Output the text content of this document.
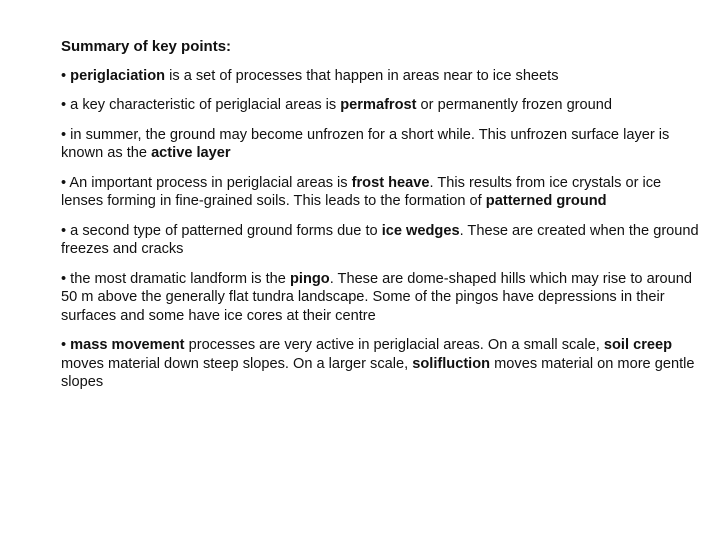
Summary of key points:
• periglaciation is a set of processes that happen in areas near to ice sheets
• a key characteristic of periglacial areas is permafrost or permanently frozen ground
• in summer, the ground may become unfrozen for a short while. This unfrozen surface layer is known as the active layer
• An important process in periglacial areas is frost heave. This results from ice crystals or ice lenses forming in fine-grained soils. This leads to the formation of patterned ground
• a second type of patterned ground forms due to ice wedges. These are created when the ground freezes and cracks
• the most dramatic landform is the pingo. These are dome-shaped hills which may rise to around 50 m above the generally flat tundra landscape. Some of the pingos have depressions in their surfaces and some have ice cores at their centre
• mass movement processes are very active in periglacial areas. On a small scale, soil creep moves material down steep slopes. On a larger scale, solifluction moves material on more gentle slopes
